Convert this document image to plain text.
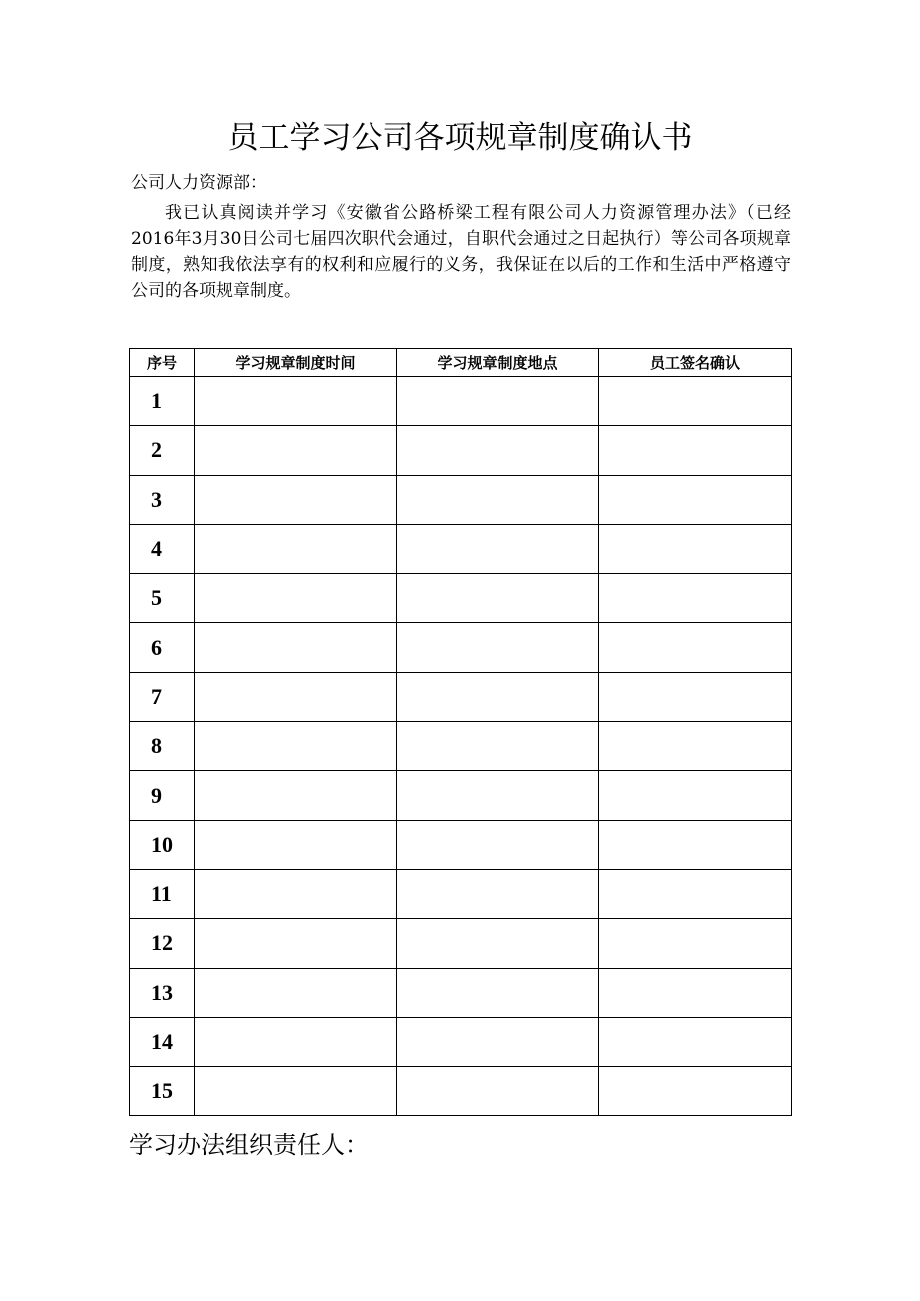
员工学习公司各项规章制度确认书
公司人力资源部：

我已认真阅读并学习《安徽省公路桥梁工程有限公司人力资源管理办法》（已经2016年3月30日公司七届四次职代会通过，自职代会通过之日起执行）等公司各项规章制度，熟知我依法享有的权利和应履行的义务，我保证在以后的工作和生活中严格遵守公司的各项规章制度。

序号	学习规章制度时间	学习规章制度地点	员工签名确认
1			
2			
3			
4			
5			
6			
7			
8			
9			
10			
11			
12			
13			
14			
15			
学习办法组织责任人：
